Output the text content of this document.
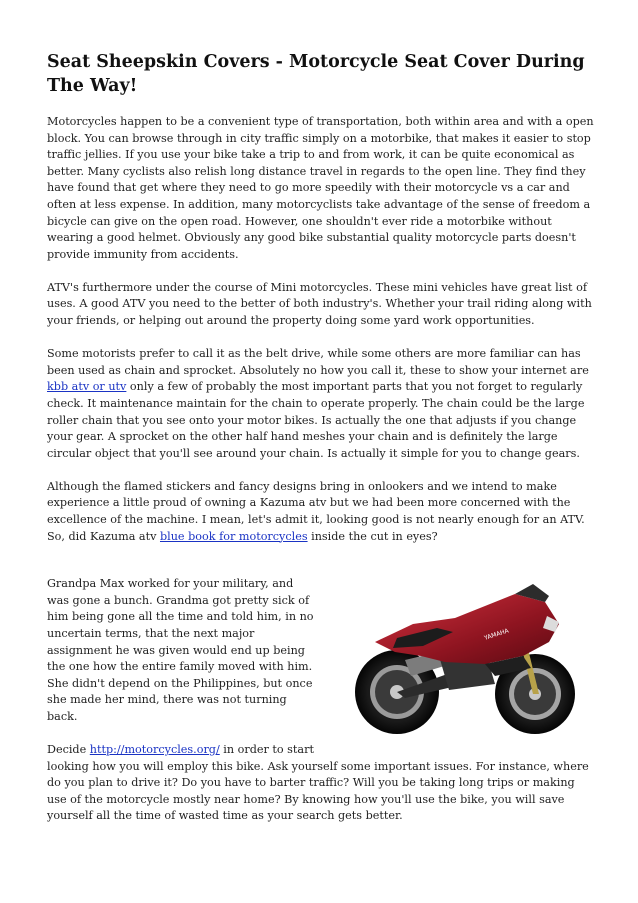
Seat Sheepskin Covers - Motorcycle Seat Cover During The Way!

Motorcycles happen to be a convenient type of transportation, both within area and with a open block. You can browse through in city traffic simply on a motorbike, that makes it easier to stop traffic jellies. If you use your bike take a trip to and from work, it can be quite economical as better. Many cyclists also relish long distance travel in regards to the open line. They find they have found that get where they need to go more speedily with their motorcycle vs a car and often at less expense. In addition, many motorcyclists take advantage of the sense of freedom a bicycle can give on the open road. However, one shouldn't ever ride a motorbike without wearing a good helmet. Obviously any good bike substantial quality motorcycle parts doesn't provide immunity from accidents.

ATV's furthermore under the course of Mini motorcycles. These mini vehicles have great list of uses. A good ATV you need to the better of both industry's. Whether your trail riding along with your friends, or helping out around the property doing some yard work opportunities.

Some motorists prefer to call it as the belt drive, while some others are more familiar can has been used as chain and sprocket. Absolutely no how you call it, these to show your internet are kbb atv or utv only a few of probably the most important parts that you not forget to regularly check. It maintenance maintain for the chain to operate properly. The chain could be the large roller chain that you see onto your motor bikes. Is actually the one that adjusts if you change your gear. A sprocket on the other half hand meshes your chain and is definitely the large circular object that you'll see around your chain. Is actually it simple for you to change gears.

Although the flamed stickers and fancy designs bring in onlookers and we intend to make experience a little proud of owning a Kazuma atv but we had been more concerned with the excellence of the machine. I mean, let's admit it, looking good is not nearly enough for an ATV. So, did Kazuma atv blue book for motorcycles inside the cut in eyes?

YAMAHA

Grandpa Max worked for your military, and was gone a bunch. Grandma got pretty sick of him being gone all the time and told him, in no uncertain terms, that the next major assignment he was given would end up being the one how the entire family moved with him. She didn't depend on the Philippines, but once she made her mind, there was not turning back.

Decide http://motorcycles.org/ in order to start looking how you will employ this bike. Ask yourself some important issues. For instance, where do you plan to drive it? Do you have to barter traffic? Will you be taking long trips or making use of the motorcycle mostly near home? By knowing how you'll use the bike, you will save yourself all the time of wasted time as your search gets better.
